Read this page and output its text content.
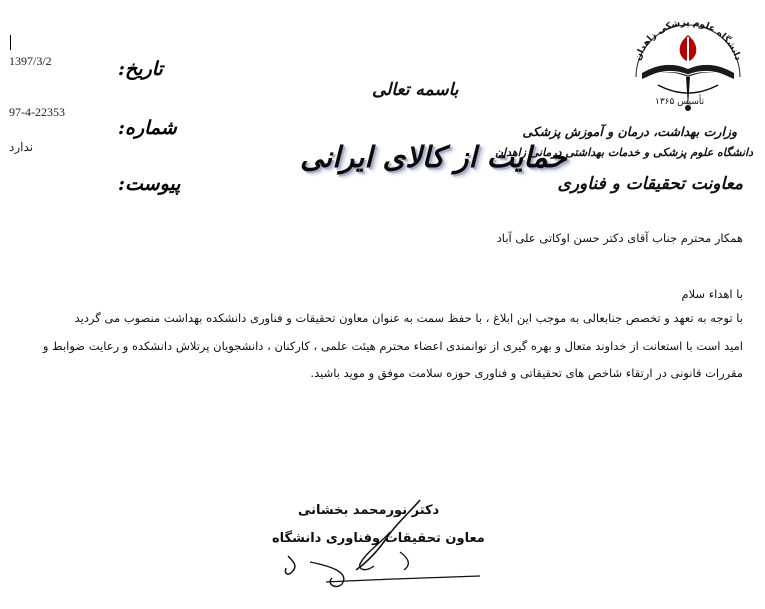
1397/3/2
97-4-22353
ندارد
تاریخ:
شماره:
پیوست:
باسمه تعالی
حمایت از کالای ایرانی
دانشگاه علوم پزشکی زاهدان
تأسیس ۱۳۶۵
وزارت بهداشت، درمان و آموزش پزشکی
دانشگاه علوم پزشکی و خدمات بهداشتی درمانی زاهدان
معاونت تحقیقات و فناوری
همکار محترم جناب آقای دکتر حسن اوکاتی علی آباد
با اهداء سلام
با توجه به تعهد و تخصص جنابعالی به موجب این ابلاغ ، با حفظ سمت به عنوان معاون تحقیقات و فناوری دانشکده بهداشت منصوب می گردید
امید است با استعانت از خداوند متعال و بهره گیری از توانمندی اعضاء محترم هیئت علمی ، کارکنان ، دانشجویان پرتلاش دانشکده و رعایت ضوابط و
مقررات قانونی در ارتقاء شاخص های تحقیقاتی و فناوری حوزه سلامت موفق و موید باشید.
دکتر نورمحمد بخشانی
معاون تحقیقات وفناوری دانشگاه
